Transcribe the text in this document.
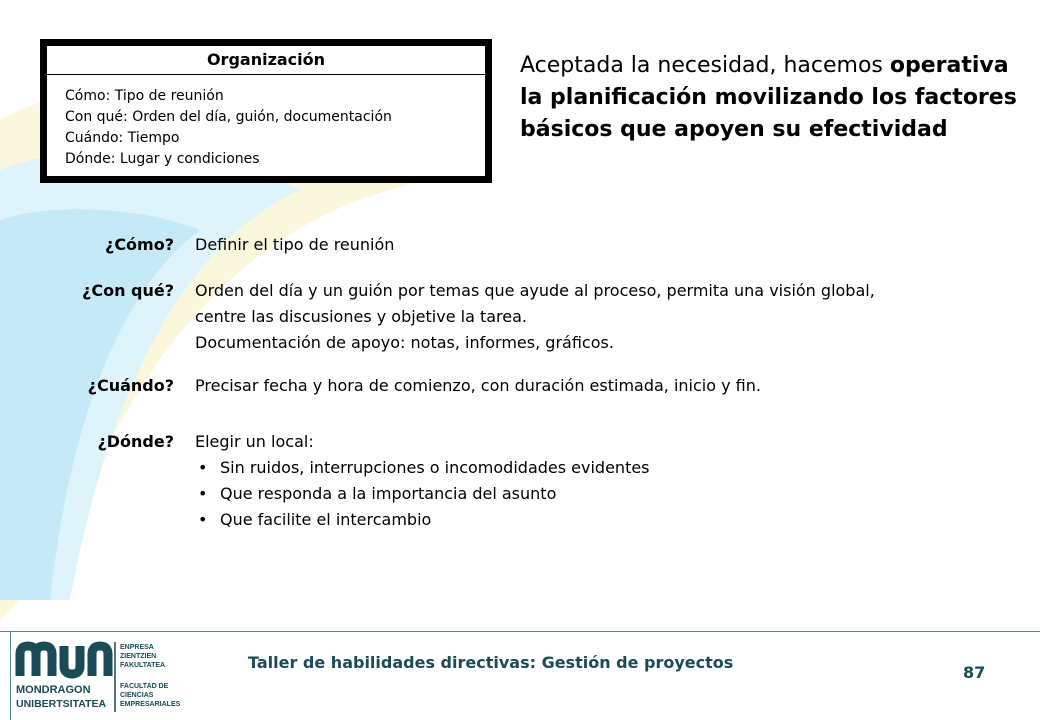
Organización
Cómo: Tipo de reunión
Con qué: Orden del día, guión, documentación
Cuándo: Tiempo
Dónde: Lugar y condiciones
Aceptada la necesidad, hacemos operativa la planificación movilizando los factores básicos que apoyen su efectividad
¿Cómo? Definir el tipo de reunión
¿Con qué? Orden del día y un guión por temas que ayude al proceso, permita una visión global,
centre las discusiones y objetive la tarea.
Documentación de apoyo: notas, informes, gráficos.
¿Cuándo? Precisar fecha y hora de comienzo, con duración estimada, inicio y fin.
¿Dónde? Elegir un local:
• Sin ruidos, interrupciones o incomodidades evidentes
• Que responda a la importancia del asunto
• Que facilite el intercambio
MONDRAGON
UNIBERTSITATEA
ENPRESA ZIENTZIEN FAKULTATEA FACULTAD DE CIENCIAS EMPRESARIALES
Taller de habilidades directivas: Gestión de proyectos
87
